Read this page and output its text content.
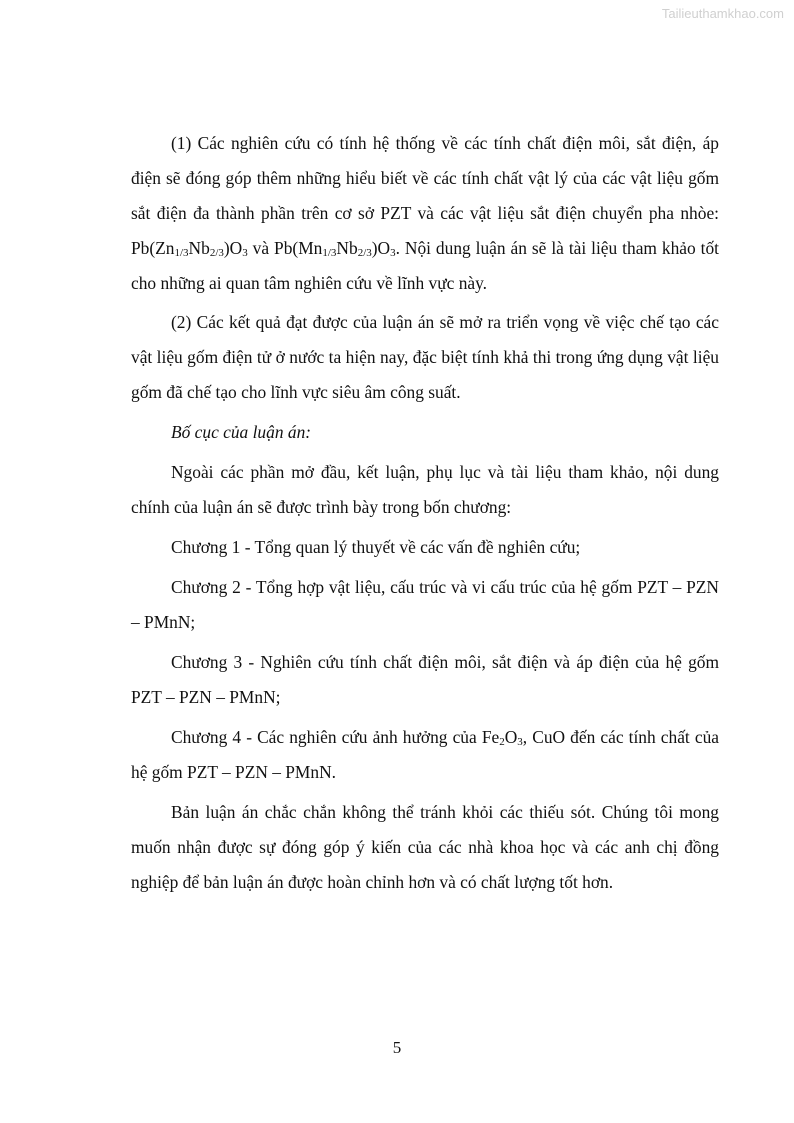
Tailieuthamkhao.com

(1) Các nghiên cứu có tính hệ thống về các tính chất điện môi, sắt điện, áp điện sẽ đóng góp thêm những hiểu biết về các tính chất vật lý của các vật liệu gốm sắt điện đa thành phần trên cơ sở PZT và các vật liệu sắt điện chuyển pha nhòe: $Pb(Zn_{1/3}Nb_{2/3})O_3$ và $Pb(Mn_{1/3}Nb_{2/3})O_3$. Nội dung luận án sẽ là tài liệu tham khảo tốt cho những ai quan tâm nghiên cứu về lĩnh vực này.

(2) Các kết quả đạt được của luận án sẽ mở ra triển vọng về việc chế tạo các vật liệu gốm điện tử ở nước ta hiện nay, đặc biệt tính khả thi trong ứng dụng vật liệu gốm đã chế tạo cho lĩnh vực siêu âm công suất.

Bố cục của luận án:

Ngoài các phần mở đầu, kết luận, phụ lục và tài liệu tham khảo, nội dung chính của luận án sẽ được trình bày trong bốn chương:

Chương 1 - Tổng quan lý thuyết về các vấn đề nghiên cứu;

Chương 2 - Tổng hợp vật liệu, cấu trúc và vi cấu trúc của hệ gốm PZT – PZN – PMnN;

Chương 3 - Nghiên cứu tính chất điện môi, sắt điện và áp điện của hệ gốm PZT – PZN – PMnN;

Chương 4 - Các nghiên cứu ảnh hưởng của $Fe_2O_3$, CuO đến các tính chất của hệ gốm PZT – PZN – PMnN.

Bản luận án chắc chắn không thể tránh khỏi các thiếu sót. Chúng tôi mong muốn nhận được sự đóng góp ý kiến của các nhà khoa học và các anh chị đồng nghiệp để bản luận án được hoàn chỉnh hơn và có chất lượng tốt hơn.

5
